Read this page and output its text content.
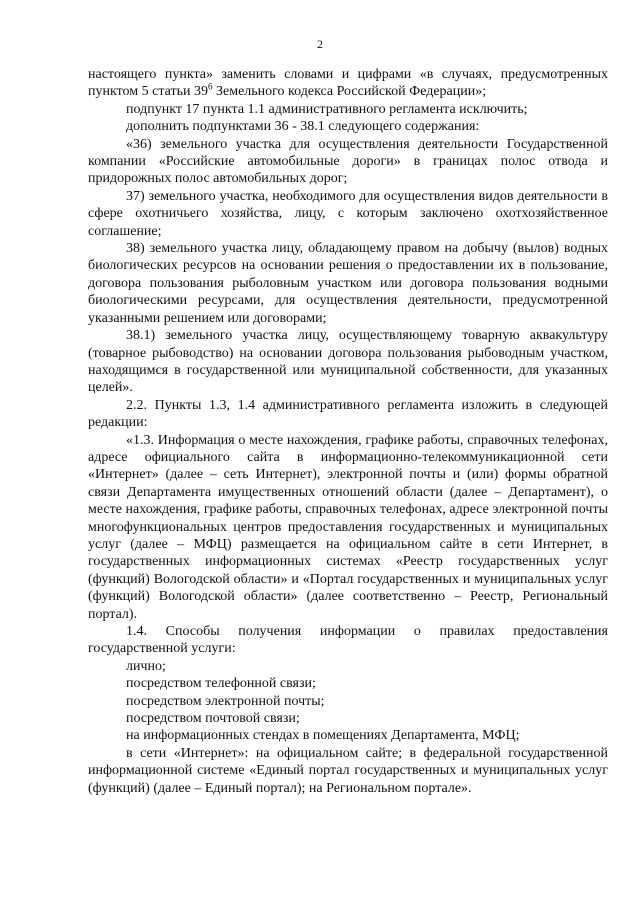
2

настоящего пункта» заменить словами и цифрами «в случаях, предусмотренных пунктом 5 статьи $39^6$ Земельного кодекса Российской Федерации»;

подпункт 17 пункта 1.1 административного регламента исключить;

дополнить подпунктами 36 - 38.1 следующего содержания:

«36) земельного участка для осуществления деятельности Государственной компании «Российские автомобильные дороги» в границах полос отвода и придорожных полос автомобильных дорог;

37) земельного участка, необходимого для осуществления видов деятельности в сфере охотничьего хозяйства, лицу, с которым заключено охотхозяйственное соглашение;

38) земельного участка лицу, обладающему правом на добычу (вылов) водных биологических ресурсов на основании решения о предоставлении их в пользование, договора пользования рыболовным участком или договора пользования водными биологическими ресурсами, для осуществления деятельности, предусмотренной указанными решением или договорами;

38.1) земельного участка лицу, осуществляющему товарную аквакультуру (товарное рыбоводство) на основании договора пользования рыбоводным участком, находящимся в государственной или муниципальной собственности, для указанных целей».

2.2. Пункты 1.3, 1.4 административного регламента изложить в следующей редакции:

«1.3. Информация о месте нахождения, графике работы, справочных телефонах, адресе официального сайта в информационно-телекоммуникационной сети «Интернет» (далее – сеть Интернет), электронной почты и (или) формы обратной связи Департамента имущественных отношений области (далее – Департамент), о месте нахождения, графике работы, справочных телефонах, адресе электронной почты многофункциональных центров предоставления государственных и муниципальных услуг (далее – МФЦ) размещается на официальном сайте в сети Интернет, в государственных информационных системах «Реестр государственных услуг (функций) Вологодской области» и «Портал государственных и муниципальных услуг (функций) Вологодской области» (далее соответственно – Реестр, Региональный портал).

1.4. Способы получения информации о правилах предоставления государственной услуги:

лично;

посредством телефонной связи;

посредством электронной почты;

посредством почтовой связи;

на информационных стендах в помещениях Департамента, МФЦ;

в сети «Интернет»: на официальном сайте; в федеральной государственной информационной системе «Единый портал государственных и муниципальных услуг (функций) (далее – Единый портал); на Региональном портале».
